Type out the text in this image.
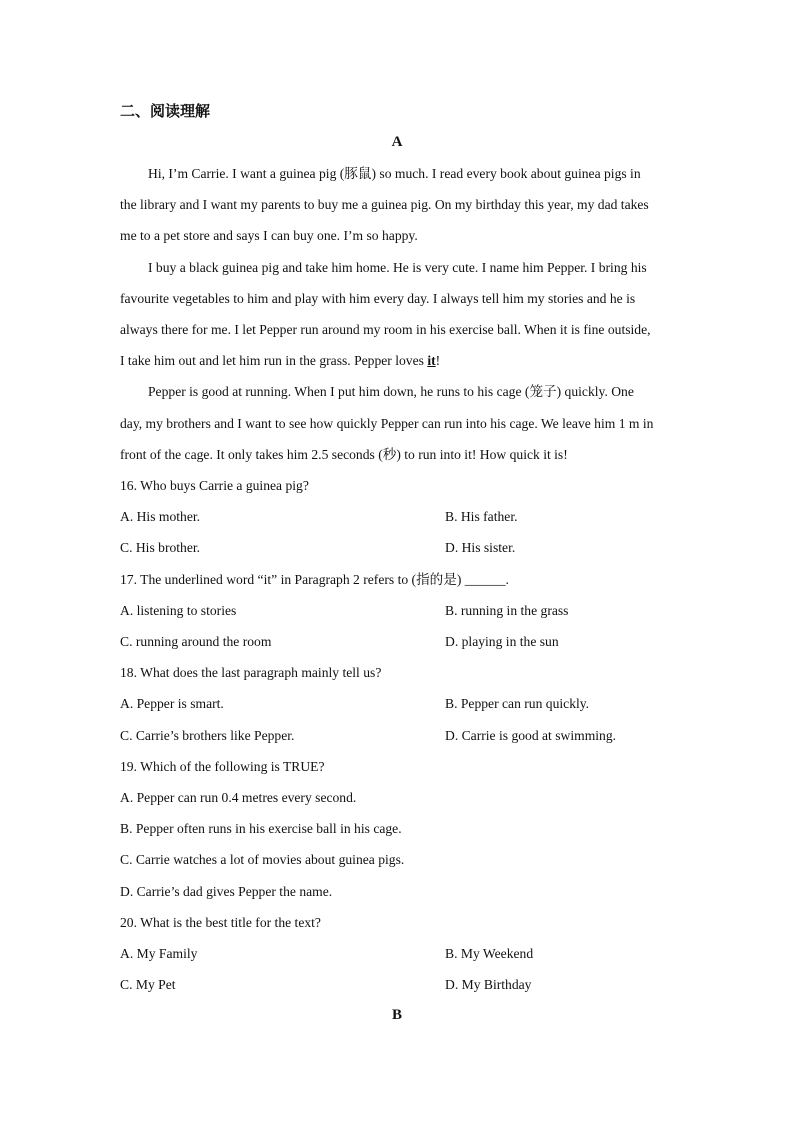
二、阅读理解
A
Hi, I’m Carrie. I want a guinea pig (豚鼠) so much. I read every book about guinea pigs in
the library and I want my parents to buy me a guinea pig. On my birthday this year, my dad takes
me to a pet store and says I can buy one. I’m so happy.
I buy a black guinea pig and take him home. He is very cute. I name him Pepper. I bring his
favourite vegetables to him and play with him every day. I always tell him my stories and he is
always there for me. I let Pepper run around my room in his exercise ball. When it is fine outside,
I take him out and let him run in the grass. Pepper loves it!
Pepper is good at running. When I put him down, he runs to his cage (笼子) quickly. One
day, my brothers and I want to see how quickly Pepper can run into his cage. We leave him 1 m in
front of the cage. It only takes him 2.5 seconds (秒) to run into it! How quick it is!
16. Who buys Carrie a guinea pig?
A. His mother.	B. His father.
C. His brother.	D. His sister.
17. The underlined word “it” in Paragraph 2 refers to (指的是) ______.
A. listening to stories	B. running in the grass
C. running around the room	D. playing in the sun
18. What does the last paragraph mainly tell us?
A. Pepper is smart.	B. Pepper can run quickly.
C. Carrie’s brothers like Pepper.	D. Carrie is good at swimming.
19. Which of the following is TRUE?
A. Pepper can run 0.4 metres every second.
B. Pepper often runs in his exercise ball in his cage.
C. Carrie watches a lot of movies about guinea pigs.
D. Carrie’s dad gives Pepper the name.
20. What is the best title for the text?
A. My Family	B. My Weekend
C. My Pet	D. My Birthday
B
